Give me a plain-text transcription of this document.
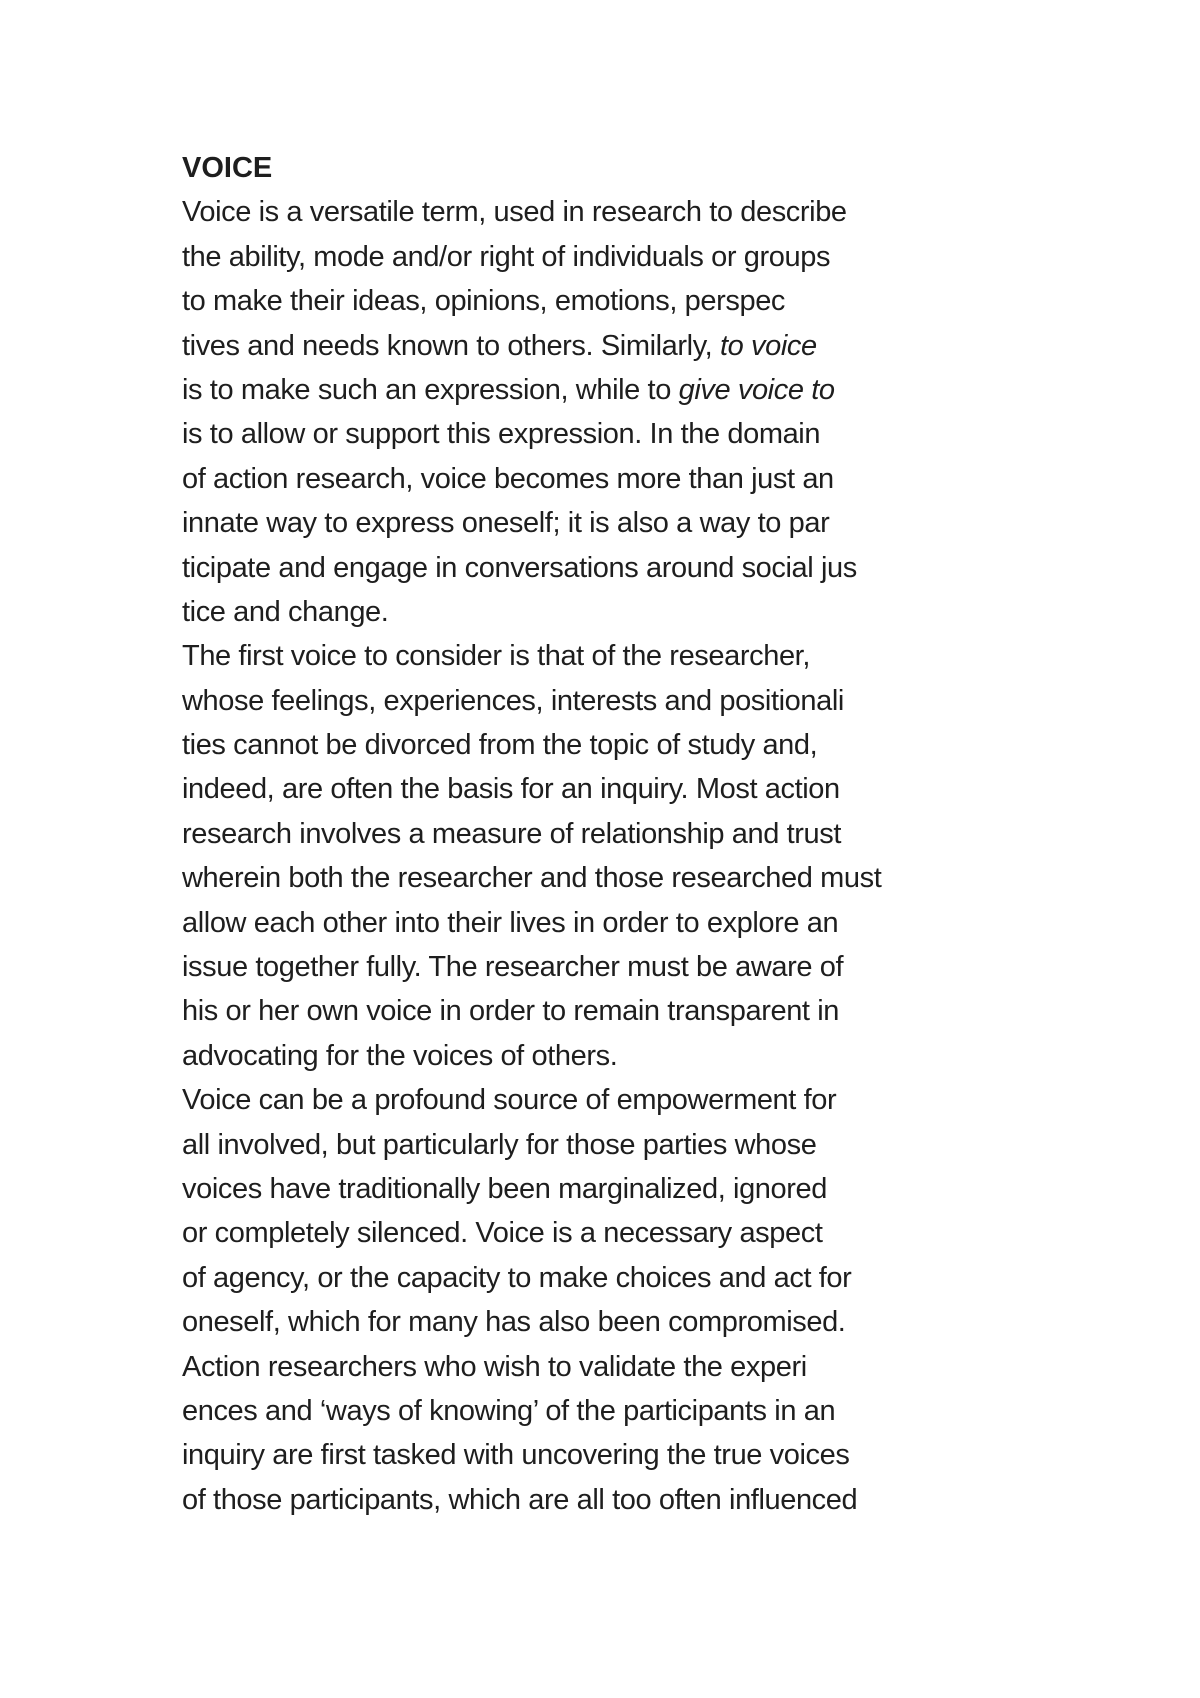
VOICE
Voice is a versatile term, used in research to describe
the ability, mode and/or right of individuals or groups
to make their ideas, opinions, emotions, perspec
tives and needs known to others. Similarly, to voice
is to make such an expression, while to give voice to
is to allow or support this expression. In the domain
of action research, voice becomes more than just an
innate way to express oneself; it is also a way to par
ticipate and engage in conversations around social jus
tice and change.
The first voice to consider is that of the researcher,
whose feelings, experiences, interests and positionali
ties cannot be divorced from the topic of study and,
indeed, are often the basis for an inquiry. Most action
research involves a measure of relationship and trust
wherein both the researcher and those researched must
allow each other into their lives in order to explore an
issue together fully. The researcher must be aware of
his or her own voice in order to remain transparent in
advocating for the voices of others.
Voice can be a profound source of empowerment for
all involved, but particularly for those parties whose
voices have traditionally been marginalized, ignored
or completely silenced. Voice is a necessary aspect
of agency, or the capacity to make choices and act for
oneself, which for many has also been compromised.
Action researchers who wish to validate the experi
ences and ‘ways of knowing’ of the participants in an
inquiry are first tasked with uncovering the true voices
of those participants, which are all too often influenced
